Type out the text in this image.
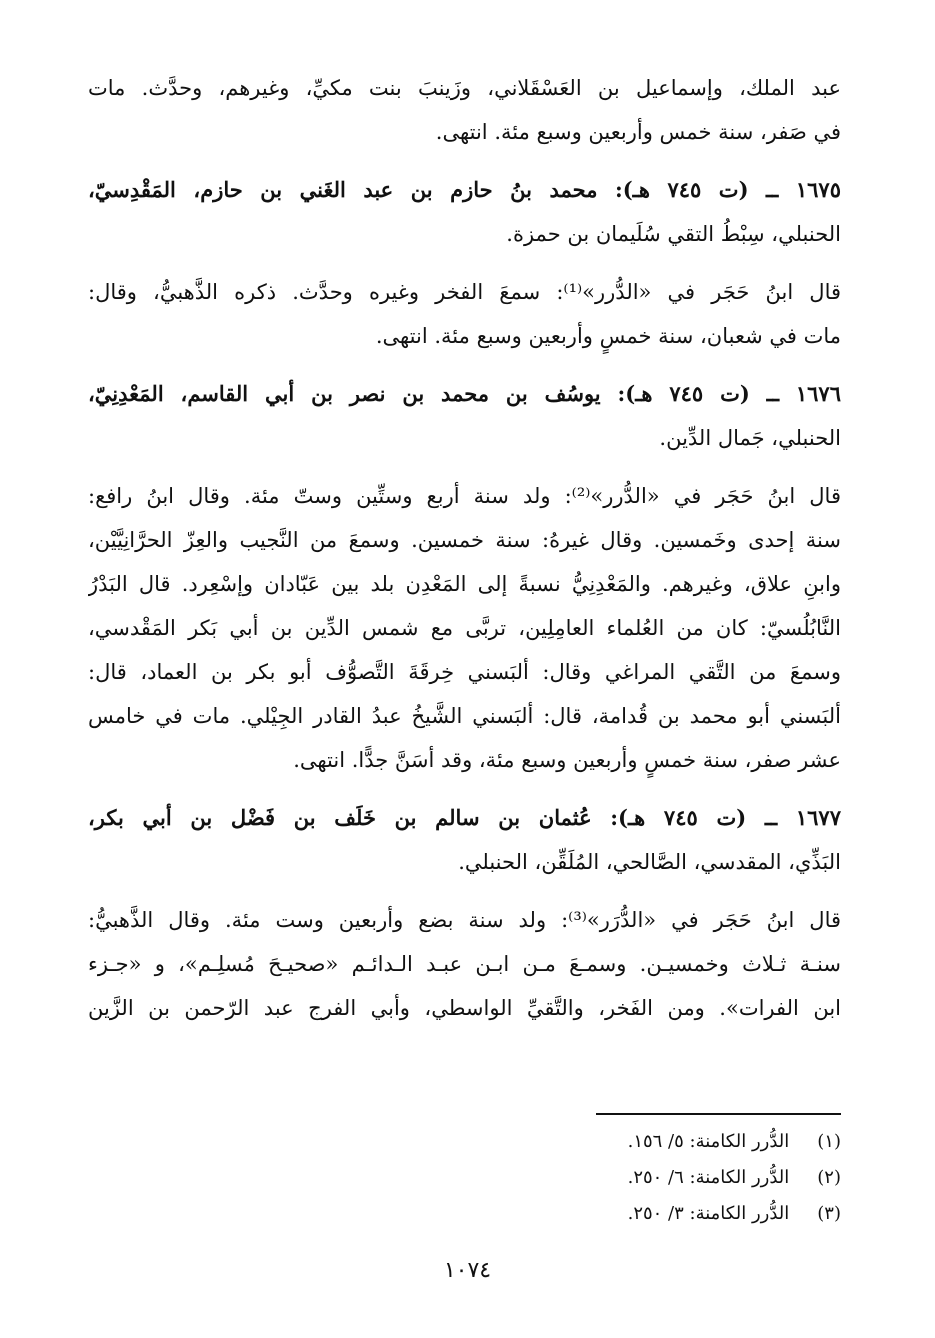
عبد الملك، وإسماعيل بن العَسْقَلاني، وزَينبَ بنت مكيِّ، وغيرهم، وحدَّث. مات
في صَفر، سنة خمس وأربعين وسبع مئة. انتهى.
١٦٧٥ ــ (ت ٧٤٥ هـ): محمد بنُ حازم بن عبد الغَني بن حازم، المَقْدِسيّ،
الحنبلي، سِبْطُ التقي سُلَيمان بن حمزة.
قال ابنُ حَجَر في «الدُّرر»⁽¹⁾: سمعَ الفخر وغيره وحدَّث. ذكره الذَّهبيُّ، وقال:
مات في شعبان، سنة خمسٍ وأربعين وسبع مئة. انتهى.
١٦٧٦ ــ (ت ٧٤٥ هـ): يوسُف بن محمد بن نصر بن أبي القاسم، المَعْدِنِيّ،
الحنبلي، جَمال الدِّين.
قال ابنُ حَجَر في «الدُّرر»⁽²⁾: ولد سنة أربع وستِّين وستّ مئة. وقال ابنُ رافع:
سنة إحدى وخَمسين. وقال غيرهُ: سنة خمسين. وسمعَ من النَّجيب والعِزّ الحرَّانِيَّيْن،
وابنِ علاق، وغيرهم. والمَعْدِنِيُّ نسبةً إلى المَعْدِن بلد بين عَبّادان وإسْعِرد. قال البَدْرُ
النَّابُلُسيّ: كان من العُلماء العامِلِين، تربَّى مع شمس الدِّين بن أبي بَكر المَقْدسي،
وسمعَ من التَّقي المراغي وقال: ألبَسني خِرقَةَ التَّصوُّف أبو بكر بن العماد، قال:
ألبَسني أبو محمد بن قُدامة، قال: ألبَسني الشَّيخُ عبدُ القادر الجِيْلي. مات في خامس
عشر صفر، سنة خمسٍ وأربعين وسبع مئة، وقد أسَنَّ جدًّا. انتهى.
١٦٧٧ ــ (ت ٧٤٥ هـ): عُثمان بن سالم بن خَلَف بن فَضْل بن أبي بكر،
البَذِّي، المقدسي، الصَّالحي، المُلَقِّن، الحنبلي.
قال ابنُ حَجَر في «الدُّرَر»⁽³⁾: ولد سنة بضع وأربعين وست مئة. وقال الذَّهبيُّ:
سنـة ثـلاث وخمسيـن. وسمـعَ مـن ابـن عبـد الـدائـم «صحيـحَ مُسلِـم»، و «جـزء
ابن الفرات». ومن الفَخر، والتَّقيِّ الواسطي، وأبي الفرج عبد الرّحمن بن الزَّين
(١) الدُّرر الكامنة: ٥/ ١٥٦.
(٢) الدُّرر الكامنة: ٦/ ٢٥٠.
(٣) الدُّرر الكامنة: ٣/ ٢٥٠.
١٠٧٤
